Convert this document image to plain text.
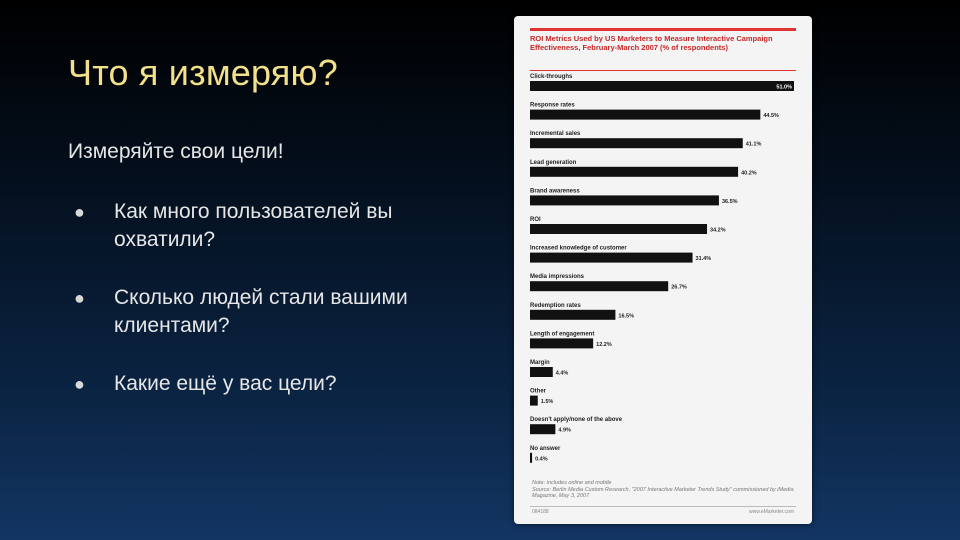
Что я измеряю?
Измеряйте свои цели!
●	Как много пользователей вы охватили?
●	Сколько людей стали вашими клиентами?
●	Какие ещё у вас цели?
ROI Metrics Used by US Marketers to Measure Interactive Campaign Effectiveness, February-March 2007 (% of respondents)
Click-throughs
51.0%
Response rates
44.5%
Incremental sales
41.1%
Lead generation
40.2%
Brand awareness
36.5%
ROI
34.2%
Increased knowledge of customer
31.4%
Media impressions
26.7%
Redemption rates
16.5%
Length of engagement
12.2%
Margin
4.4%
Other
1.5%
Doesn't apply/none of the above
4.9%
No answer
0.4%
Note: includes online and mobile
Source: Berlin Media Custom Research, "2007 Interactive Marketer Trends Study" commissioned by iMedia Magazine, May 3, 2007
084188	www.eMarketer.com
